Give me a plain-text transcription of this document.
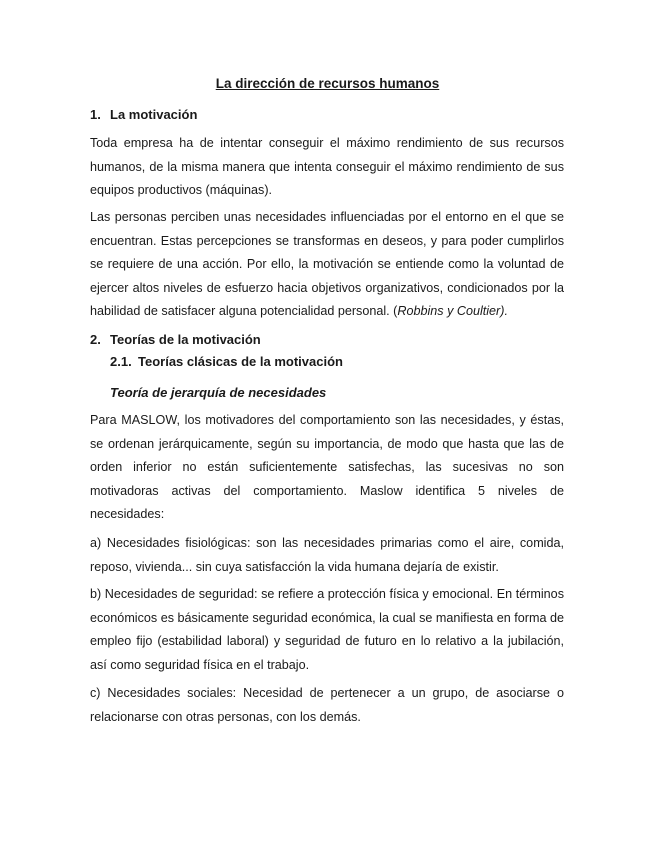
La dirección de recursos humanos
1. La motivación

Toda empresa ha de intentar conseguir el máximo rendimiento de sus recursos humanos, de la misma manera que intenta conseguir el máximo rendimiento de sus equipos productivos (máquinas).

Las personas perciben unas necesidades influenciadas por el entorno en el que se encuentran. Estas percepciones se transformas en deseos, y para poder cumplirlos se requiere de una acción. Por ello, la motivación se entiende como la voluntad de ejercer altos niveles de esfuerzo hacia objetivos organizativos, condicionados por la habilidad de satisfacer alguna potencialidad personal. (Robbins y Coultier).

2. Teorías de la motivación
2.1. Teorías clásicas de la motivación
Teoría de jerarquía de necesidades

Para MASLOW, los motivadores del comportamiento son las necesidades, y éstas, se ordenan jerárquicamente, según su importancia, de modo que hasta que las de orden inferior no están suficientemente satisfechas, las sucesivas no son motivadoras activas del comportamiento. Maslow identifica 5 niveles de necesidades:

a) Necesidades fisiológicas: son las necesidades primarias como el aire, comida, reposo, vivienda... sin cuya satisfacción la vida humana dejaría de existir.

b) Necesidades de seguridad: se refiere a protección física y emocional. En términos económicos es básicamente seguridad económica, la cual se manifiesta en forma de empleo fijo (estabilidad laboral) y seguridad de futuro en lo relativo a la jubilación, así como seguridad física en el trabajo.

c) Necesidades sociales: Necesidad de pertenecer a un grupo, de asociarse o relacionarse con otras personas, con los demás.
